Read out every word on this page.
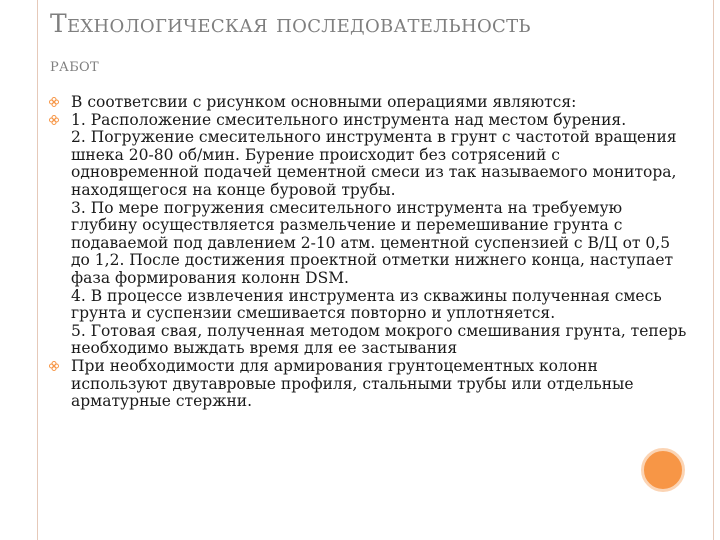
Технологическая последовательность
работ
В соответсвии с рисунком основными операциями являются:
1. Расположение смесительного инструмента над местом бурения.
2. Погружение смесительного инструмента в грунт с частотой вращения шнека 20-80 об/мин. Бурение происходит без сотрясений с одновременной подачей цементной смеси из так называемого монитора, находящегося на конце буровой трубы.
3. По мере погружения смесительного инструмента на требуемую глубину осуществляется размельчение и перемешивание грунта с подаваемой под давлением 2-10 атм. цементной суспензией с В/Ц от 0,5 до 1,2. После достижения проектной отметки нижнего конца, наступает фаза формирования колонн DSM.
4. В процессе извлечения инструмента из скважины полученная смесь грунта и суспензии смешивается повторно и уплотняется.
5. Готовая свая, полученная методом мокрого смешивания грунта, теперь необходимо выждать время для ее застывания
При необходимости для армирования грунтоцементных колонн используют двутавровые профиля, стальными трубы или отдельные арматурные стержни.
